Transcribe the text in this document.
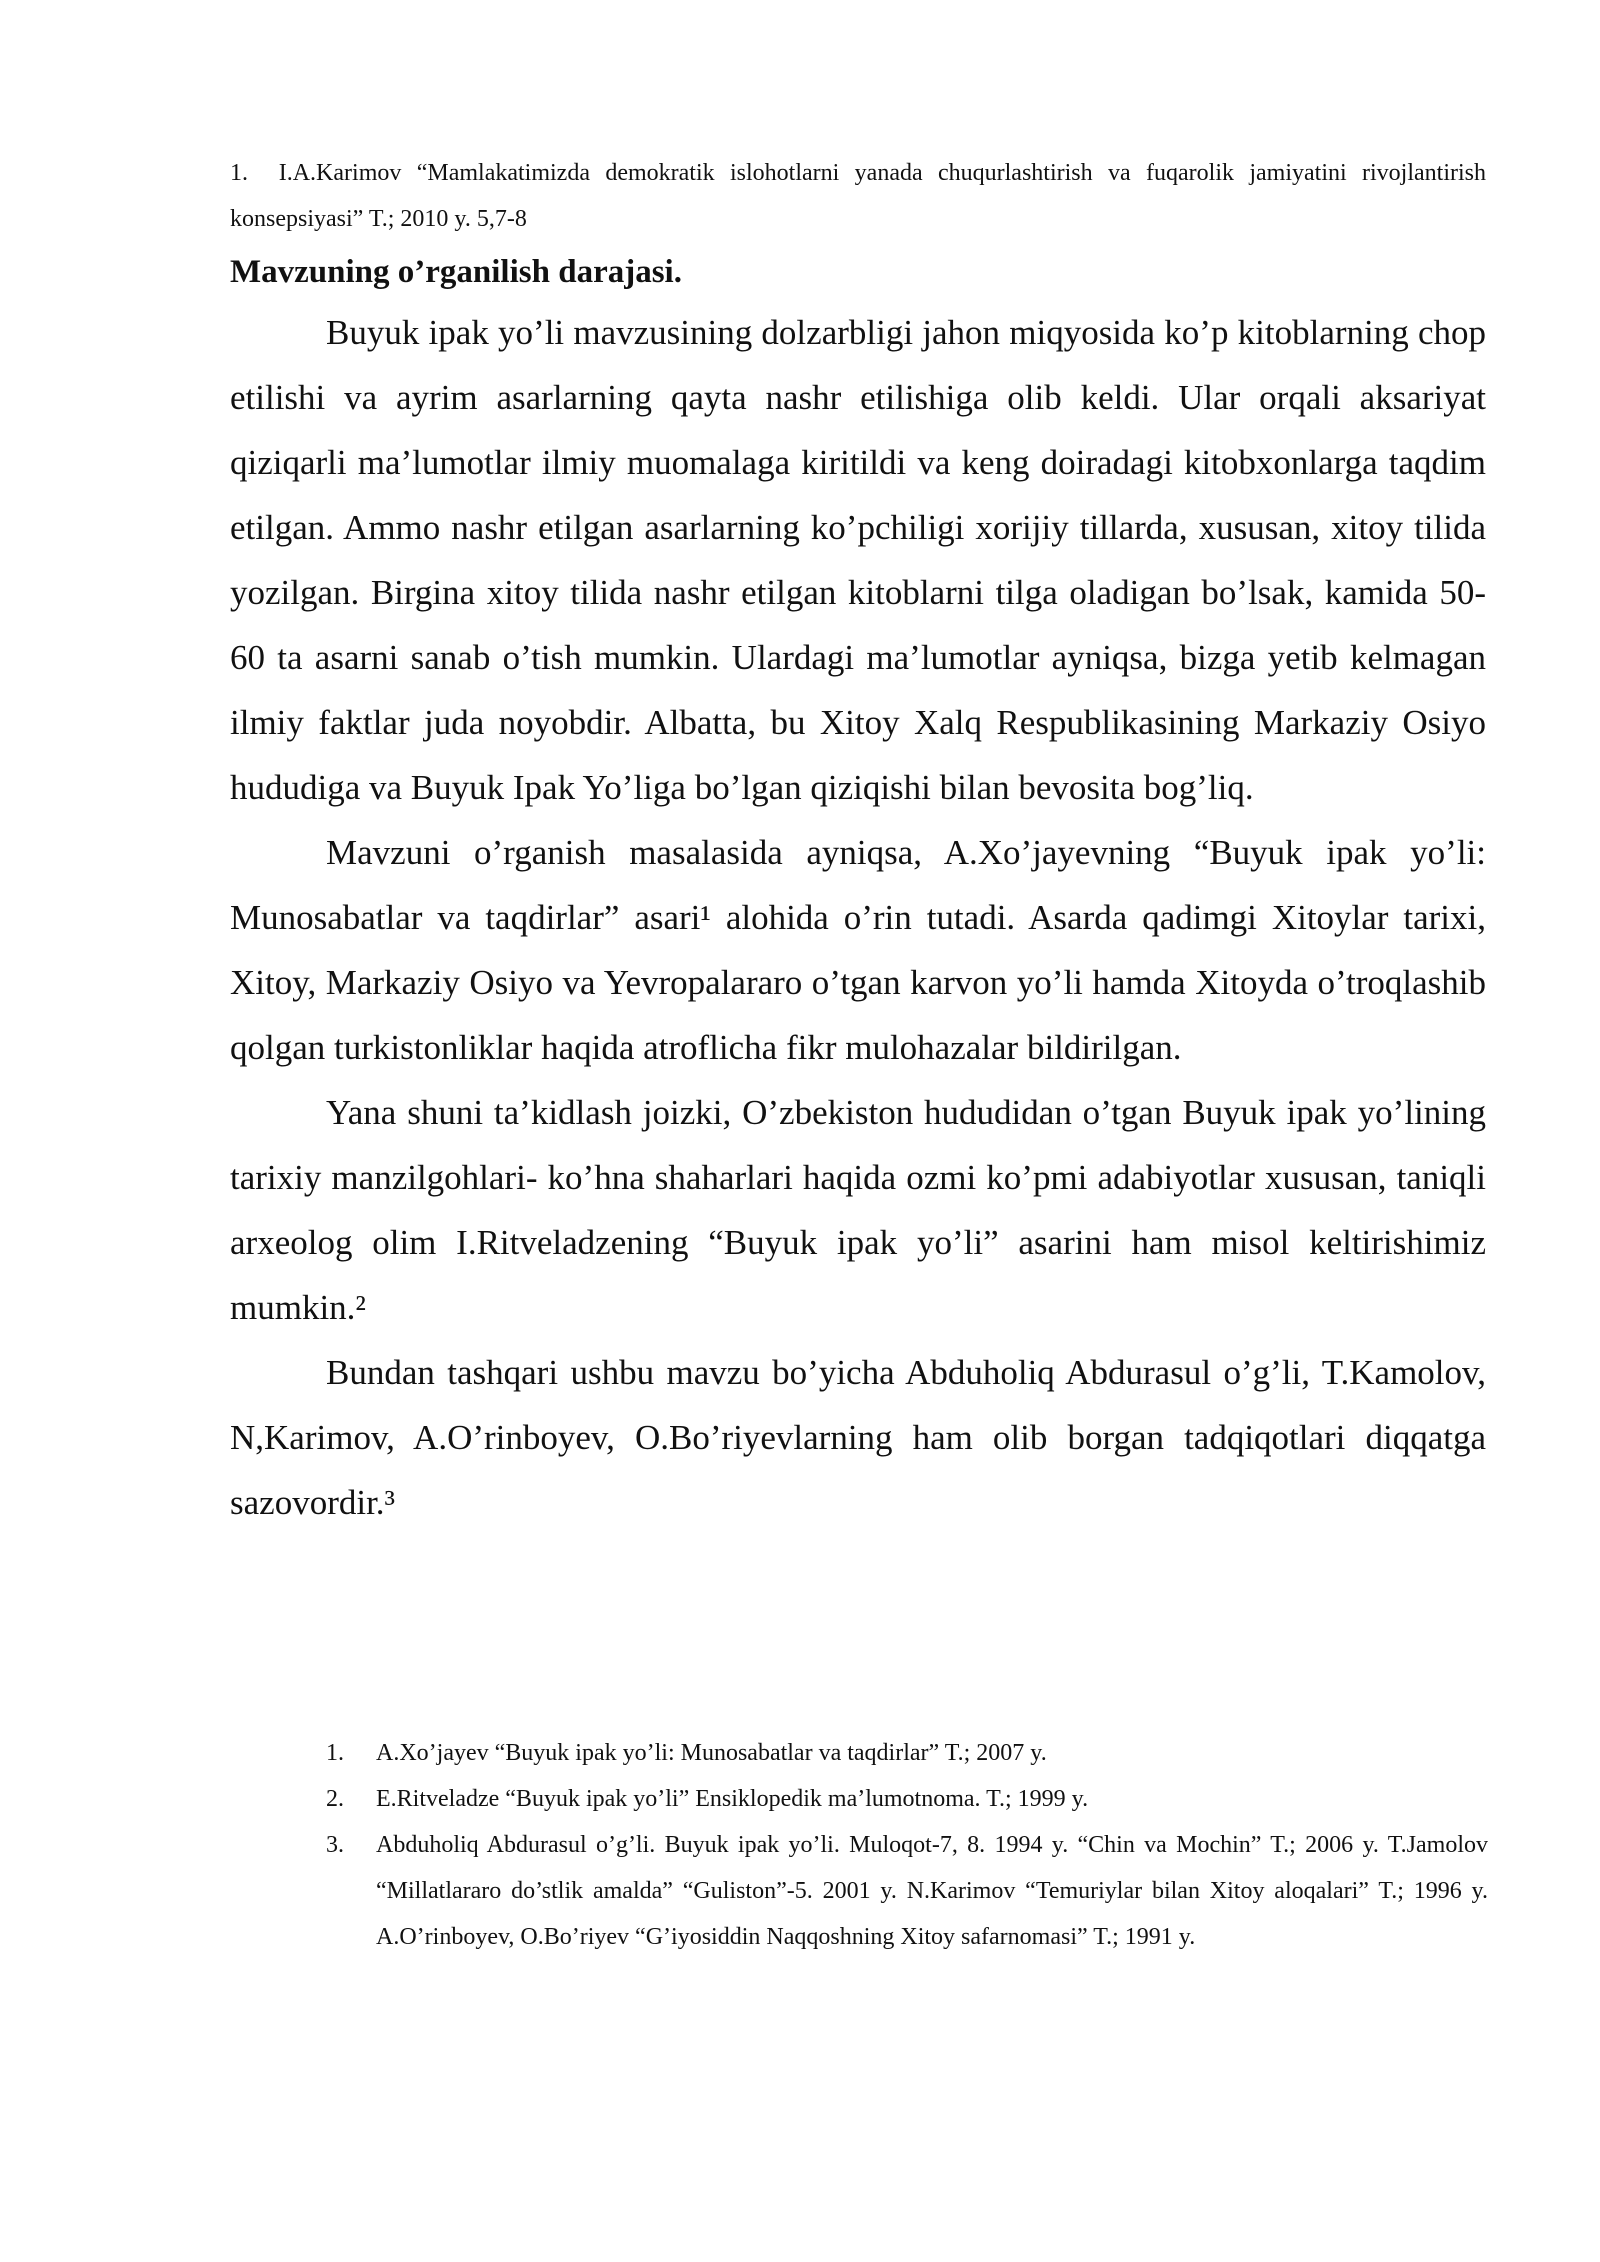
1. I.A.Karimov “Mamlakatimizda demokratik islohotlarni yanada chuqurlashtirish va fuqarolik jamiyatini rivojlantirish konsepsiyasi” T.; 2010 y. 5,7-8

Mavzuning o’rganilish darajasi.

Buyuk ipak yo’li mavzusining dolzarbligi jahon miqyosida ko’p kitoblarning chop etilishi va ayrim asarlarning qayta nashr etilishiga olib keldi. Ular orqali aksariyat qiziqarli ma’lumotlar ilmiy muomalaga kiritildi va keng doiradagi kitobxonlarga taqdim etilgan. Ammo nashr etilgan asarlarning ko’pchiligi xorijiy tillarda, xususan, xitoy tilida yozilgan. Birgina xitoy tilida nashr etilgan kitoblarni tilga oladigan bo’lsak, kamida 50-60 ta asarni sanab o’tish mumkin. Ulardagi ma’lumotlar ayniqsa, bizga yetib kelmagan ilmiy faktlar juda noyobdir. Albatta, bu Xitoy Xalq Respublikasining Markaziy Osiyo hududiga va Buyuk Ipak Yo’liga bo’lgan qiziqishi bilan bevosita bog’liq.

Mavzuni o’rganish masalasida ayniqsa, A.Xo’jayevning “Buyuk ipak yo’li: Munosabatlar va taqdirlar” asari¹ alohida o’rin tutadi. Asarda qadimgi Xitoylar tarixi, Xitoy, Markaziy Osiyo va Yevropalararo o’tgan karvon yo’li hamda Xitoyda o’troqlashib qolgan turkistonliklar haqida atroflicha fikr mulohazalar bildirilgan.

Yana shuni ta’kidlash joizki, O’zbekiston hududidan o’tgan Buyuk ipak yo’lining tarixiy manzilgohlari- ko’hna shaharlari haqida ozmi ko’pmi adabiyotlar xususan, taniqli arxeolog olim I.Ritveladzening “Buyuk ipak yo’li” asarini ham misol keltirishimiz mumkin.²

Bundan tashqari ushbu mavzu bo’yicha Abduholiq Abdurasul o’g’li, T.Kamolov, N,Karimov, A.O’rinboyev, O.Bo’riyevlarning ham olib borgan tadqiqotlari diqqatga sazovordir.³

1. A.Xo’jayev “Buyuk ipak yo’li: Munosabatlar va taqdirlar” T.; 2007 y.
2. E.Ritveladze “Buyuk ipak yo’li” Ensiklopedik ma’lumotnoma. T.; 1999 y.
3. Abduholiq Abdurasul o’g’li. Buyuk ipak yo’li. Muloqot-7, 8. 1994 y. “Chin va Mochin” T.; 2006 y. T.Jamolov “Millatlararo do’stlik amalda” “Guliston”-5. 2001 y. N.Karimov “Temuriylar bilan Xitoy aloqalari” T.; 1996 y. A.O’rinboyev, O.Bo’riyev “G’iyosiddin Naqqoshning Xitoy safarnomasi” T.; 1991 y.
